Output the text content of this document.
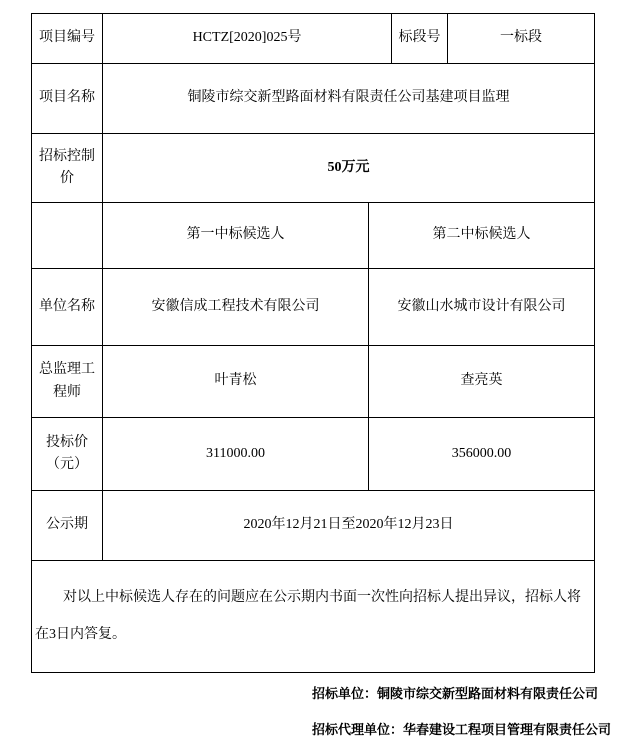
项目编号	HCTZ[2020]025号		标段号	一标段
项目名称	铜陵市综交新型路面材料有限责任公司基建项目监理			
招标控制价	50万元			
	第一中标候选人	第二中标候选人		
单位名称	安徽信成工程技术有限公司	安徽山水城市设计有限公司		
总监理工程师	叶青松	查亮英		
投标价（元）	311000.00	356000.00		
公示期	2020年12月21日至2020年12月23日			

对以上中标候选人存在的问题应在公示期内书面一次性向招标人提出异议，招标人将在3日内答复。				
招标单位：铜陵市综交新型路面材料有限责任公司
招标代理单位：华春建设工程项目管理有限责任公司
